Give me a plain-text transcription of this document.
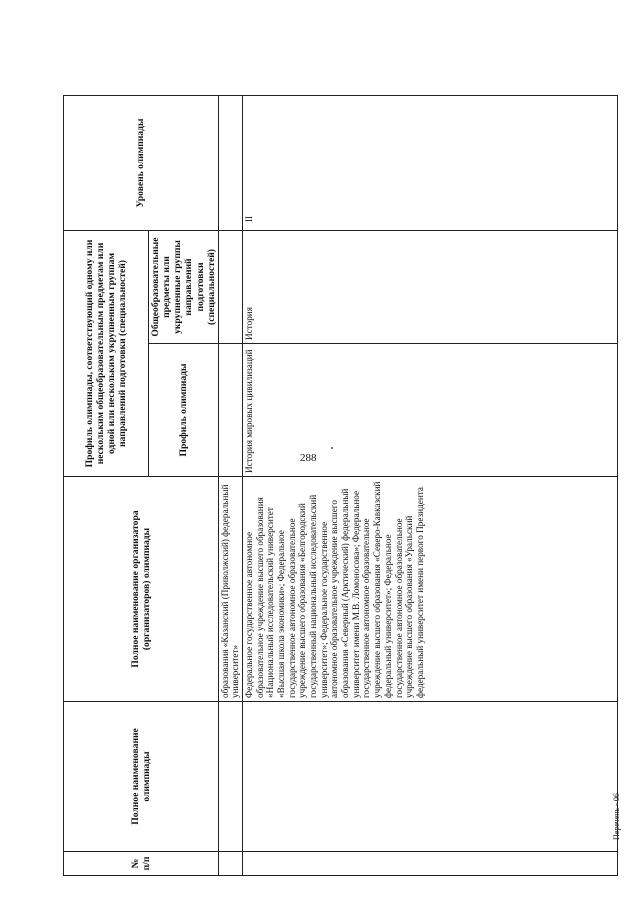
288
Перечень - 06
№ п/п	Полное наименование олимпиады	Полное наименование организатора (организаторов) олимпиады	Профиль олимпиады, соответствующий одному или нескольким общеобразовательным предметам или одной или нескольким укрупненным группам направлений подготовки (специальностей)		Уровень олимпиады
			Профиль олимпиады	Общеобразовательные предметы или укрупненные группы направлений подготовки (специальностей)	
		образования «Казанский (Приволжский) федеральный университет»			
		Федеральное государственное автономное образовательное учреждение высшего образования «Национальный исследовательский университет «Высшая школа экономики»; Федеральное государственное автономное образовательное учреждение высшего образования «Белгородский государственный национальный исследовательский университет»; Федеральное государственное автономное образовательное учреждение высшего образования «Северный (Арктический) федеральный университет имени М.В. Ломоносова»; Федеральное государственное автономное образовательное учреждение высшего образования «Северо-Кавказский федеральный университет»; Федеральное государственное автономное образовательное учреждение высшего образования «Уральский федеральный университет имени первого Президента	История мировых цивилизаций	История	II
